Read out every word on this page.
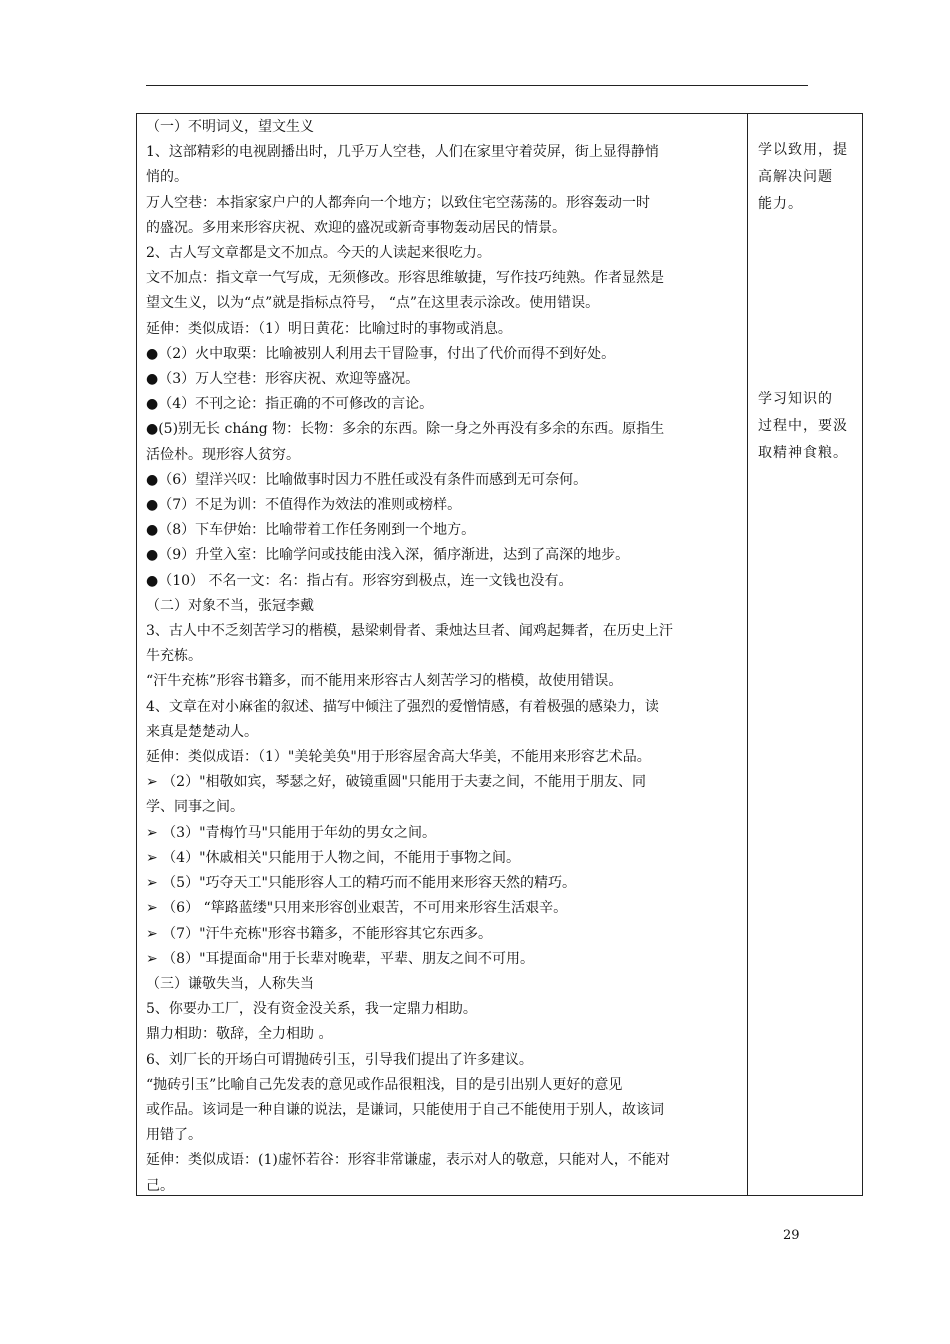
（一）不明词义，望文生义
1、这部精彩的电视剧播出时，几乎万人空巷，人们在家里守着荧屏，街上显得静悄
悄的。
万人空巷：本指家家户户的人都奔向一个地方；以致住宅空荡荡的。形容轰动一时
的盛况。多用来形容庆祝、欢迎的盛况或新奇事物轰动居民的情景。
2、古人写文章都是文不加点。今天的人读起来很吃力。
文不加点：指文章一气写成，无须修改。形容思维敏捷，写作技巧纯熟。作者显然是
望文生义，以为“点”就是指标点符号， “点”在这里表示涂改。使用错误。
延伸：类似成语：（1）明日黄花：比喻过时的事物或消息。
●（2）火中取栗：比喻被别人利用去干冒险事，付出了代价而得不到好处。
●（3）万人空巷：形容庆祝、欢迎等盛况。
●（4）不刊之论：指正确的不可修改的言论。
●(5)别无长 cháng 物：长物：多余的东西。除一身之外再没有多余的东西。原指生
活俭朴。现形容人贫穷。
●（6）望洋兴叹：比喻做事时因力不胜任或没有条件而感到无可奈何。
●（7）不足为训：不值得作为效法的准则或榜样。
●（8）下车伊始：比喻带着工作任务刚到一个地方。
●（9）升堂入室：比喻学问或技能由浅入深，循序渐进，达到了高深的地步。
●（10） 不名一文：名：指占有。形容穷到极点，连一文钱也没有。
（二）对象不当，张冠李戴
3、古人中不乏刻苦学习的楷模，悬梁刺骨者、秉烛达旦者、闻鸡起舞者，在历史上汗
牛充栋。
“汗牛充栋”形容书籍多，而不能用来形容古人刻苦学习的楷模，故使用错误。
4、文章在对小麻雀的叙述、描写中倾注了强烈的爱憎情感，有着极强的感染力，读
来真是楚楚动人。
延伸：类似成语：（1）"美轮美奂"用于形容屋舍高大华美，不能用来形容艺术品。
➢ （2）"相敬如宾，琴瑟之好，破镜重圆"只能用于夫妻之间，不能用于朋友、同
学、同事之间。
➢ （3）"青梅竹马"只能用于年幼的男女之间。
➢ （4）"休戚相关"只能用于人物之间，不能用于事物之间。
➢ （5）"巧夺天工"只能形容人工的精巧而不能用来形容天然的精巧。
➢ （6） “筚路蓝缕"只用来形容创业艰苦，不可用来形容生活艰辛。
➢ （7）"汗牛充栋"形容书籍多，不能形容其它东西多。
➢ （8）"耳提面命"用于长辈对晚辈，平辈、朋友之间不可用。
（三）谦敬失当，人称失当
5、你要办工厂，没有资金没关系，我一定鼎力相助。
鼎力相助：敬辞，全力相助 。
6、刘厂长的开场白可谓抛砖引玉，引导我们提出了许多建议。
“抛砖引玉”比喻自己先发表的意见或作品很粗浅，目的是引出别人更好的意见
或作品。该词是一种自谦的说法，是谦词，只能使用于自己不能使用于别人，故该词
用错了。
延伸：类似成语：(1)虚怀若谷：形容非常谦虚，表示对人的敬意，只能对人，不能对
己。
学以致用，提
高解决问题
能力。
学习知识的
过程中，要汲
取精神食粮。
29
